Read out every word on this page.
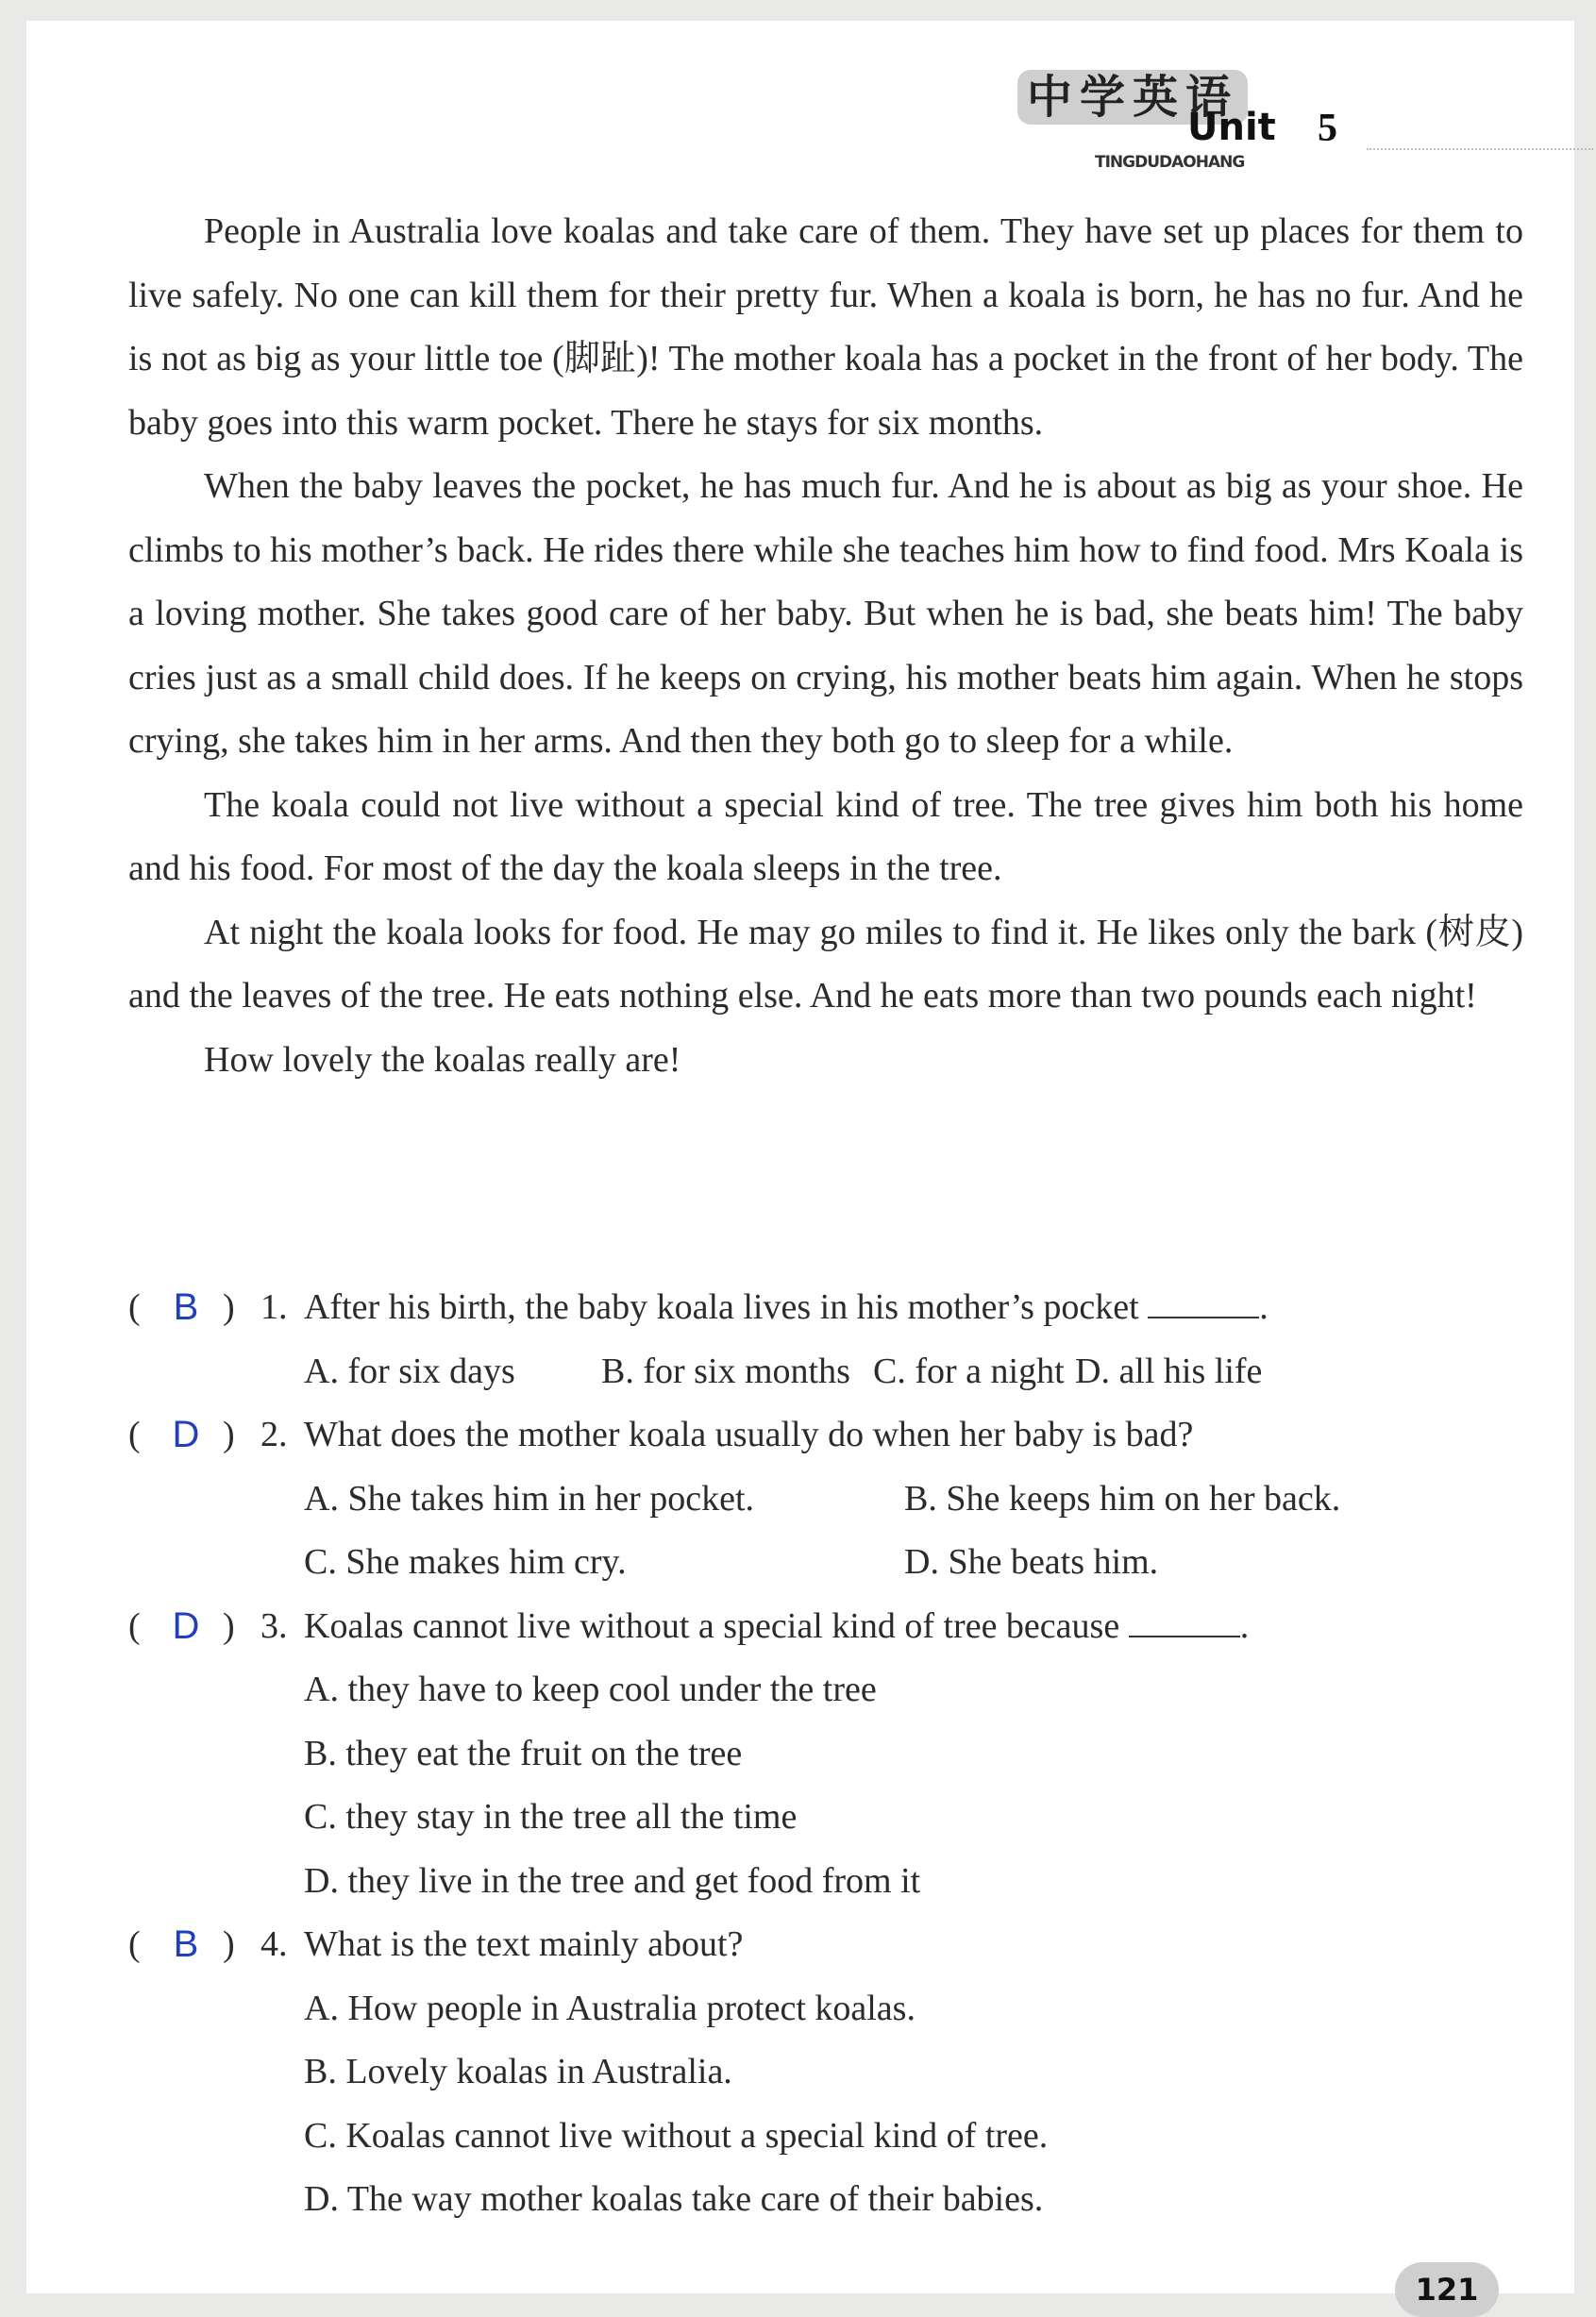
中学英语
Unit 5
TINGDUDAOHANG

People in Australia love koalas and take care of them. They have set up places for them to live safely. No one can kill them for their pretty fur. When a koala is born, he has no fur. And he is not as big as your little toe (脚趾)! The mother koala has a pocket in the front of her body. The baby goes into this warm pocket. There he stays for six months.

When the baby leaves the pocket, he has much fur. And he is about as big as your shoe. He climbs to his mother’s back. He rides there while she teaches him how to find food. Mrs Koala is a loving mother. She takes good care of her baby. But when he is bad, she beats him! The baby cries just as a small child does. If he keeps on crying, his mother beats him again. When he stops crying, she takes him in her arms. And then they both go to sleep for a while.

The koala could not live without a special kind of tree. The tree gives him both his home and his food. For most of the day the koala sleeps in the tree.

At night the koala looks for food. He may go miles to find it. He likes only the bark (树皮) and the leaves of the tree. He eats nothing else. And he eats more than two pounds each night!

How lovely the koalas really are!

( B ) 1. After his birth, the baby koala lives in his mother’s pocket	.
A. for six days B. for six months C. for a night D. all his life
( D ) 2. What does the mother koala usually do when her baby is bad?
A. She takes him in her pocket.	B. She keeps him on her back.
C. She makes him cry.	D. She beats him.
( D ) 3. Koalas cannot live without a special kind of tree because	.
A. they have to keep cool under the tree
B. they eat the fruit on the tree
C. they stay in the tree all the time
D. they live in the tree and get food from it
( B ) 4. What is the text mainly about?
A. How people in Australia protect koalas.
B. Lovely koalas in Australia.
C. Koalas cannot live without a special kind of tree.
D. The way mother koalas take care of their babies.
121
